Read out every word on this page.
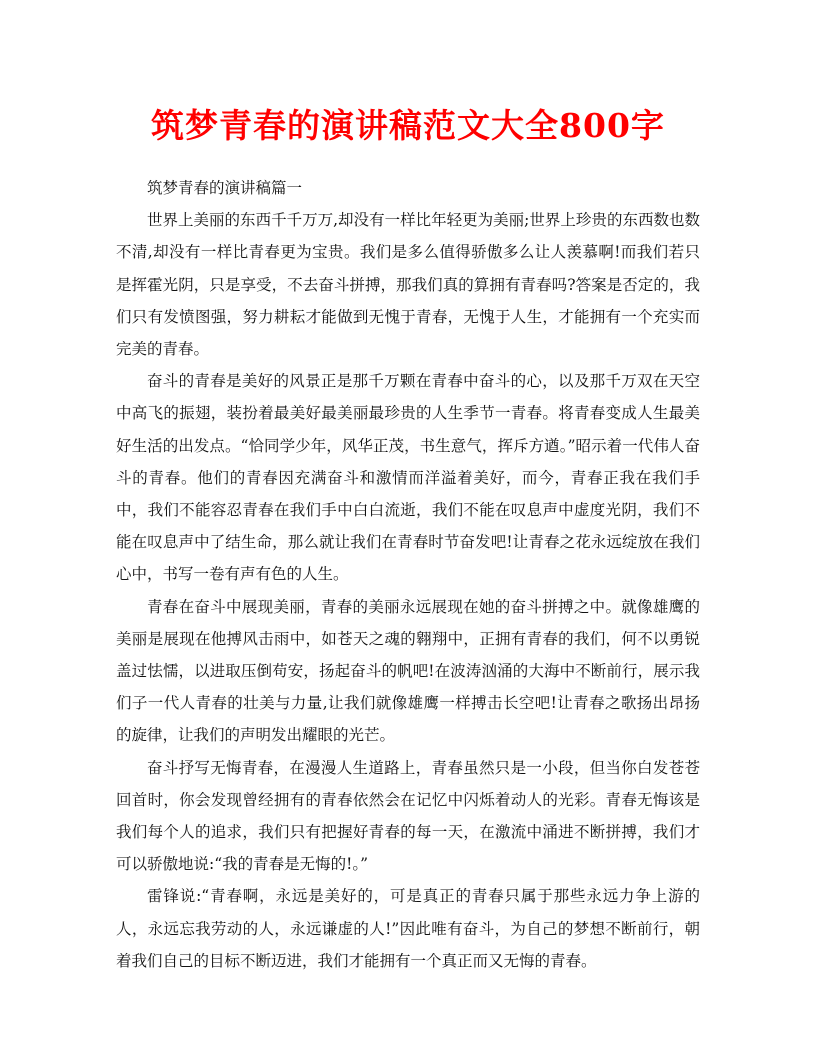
筑梦青春的演讲稿范文大全800字

筑梦青春的演讲稿篇一

世界上美丽的东西千千万万,却没有一样比年轻更为美丽;世界上珍贵的东西数也数不清,却没有一样比青春更为宝贵。我们是多么值得骄傲多么让人羡慕啊!而我们若只是挥霍光阴，只是享受，不去奋斗拼搏，那我们真的算拥有青春吗?答案是否定的，我们只有发愤图强，努力耕耘才能做到无愧于青春，无愧于人生，才能拥有一个充实而完美的青春。

奋斗的青春是美好的风景正是那千万颗在青春中奋斗的心，以及那千万双在天空中高飞的振翅，装扮着最美好最美丽最珍贵的人生季节一青春。将青春变成人生最美好生活的出发点。“恰同学少年，风华正茂，书生意气，挥斥方遒。”昭示着一代伟人奋斗的青春。他们的青春因充满奋斗和激情而洋溢着美好，而今，青春正我在我们手中，我们不能容忍青春在我们手中白白流逝，我们不能在叹息声中虚度光阴，我们不能在叹息声中了结生命，那么就让我们在青春时节奋发吧!让青春之花永远绽放在我们心中，书写一卷有声有色的人生。

青春在奋斗中展现美丽，青春的美丽永远展现在她的奋斗拼搏之中。就像雄鹰的美丽是展现在他搏风击雨中，如苍天之魂的翱翔中，正拥有青春的我们，何不以勇锐盖过怯懦，以进取压倒苟安，扬起奋斗的帆吧!在波涛汹涌的大海中不断前行，展示我们子一代人青春的壮美与力量,让我们就像雄鹰一样搏击长空吧!让青春之歌扬出昂扬的旋律，让我们的声明发出耀眼的光芒。

奋斗抒写无悔青春，在漫漫人生道路上，青春虽然只是一小段，但当你白发苍苍回首时，你会发现曾经拥有的青春依然会在记忆中闪烁着动人的光彩。青春无悔该是我们每个人的追求，我们只有把握好青春的每一天，在激流中涌进不断拼搏，我们才可以骄傲地说:“我的青春是无悔的!。”

雷锋说:“青春啊，永远是美好的，可是真正的青春只属于那些永远力争上游的人，永远忘我劳动的人，永远谦虚的人!”因此唯有奋斗，为自己的梦想不断前行，朝着我们自己的目标不断迈进，我们才能拥有一个真正而又无悔的青春。
